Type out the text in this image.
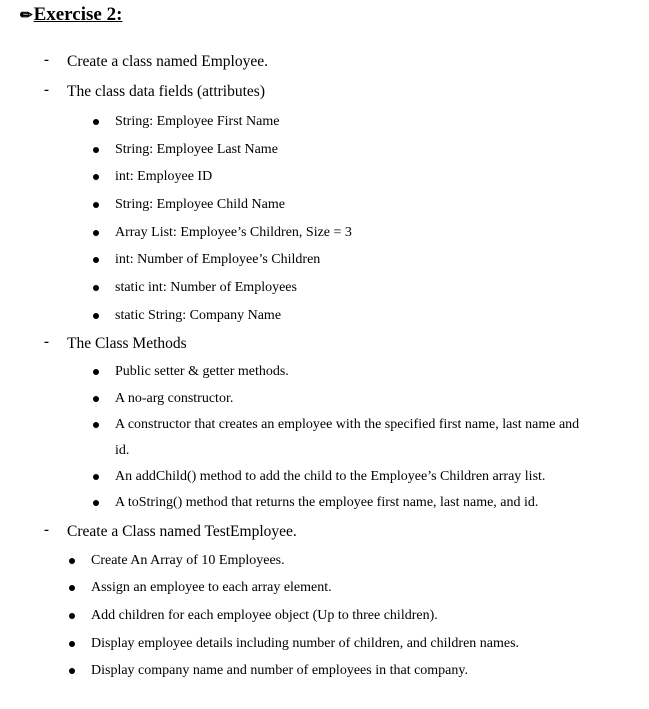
✏Exercise 2:
- Create a class named Employee.
- The class data fields (attributes)
String: Employee First Name
String: Employee Last Name
int: Employee ID
String: Employee Child Name
Array List: Employee’s Children, Size = 3
int: Number of Employee’s Children
static int: Number of Employees
static String: Company Name
- The Class Methods
Public setter & getter methods.
A no-arg constructor.
A constructor that creates an employee with the specified first name, last name and
id.
An addChild() method to add the child to the Employee’s Children array list.
A toString() method that returns the employee first name, last name, and id.
- Create a Class named TestEmployee.
Create An Array of 10 Employees.
Assign an employee to each array element.
Add children for each employee object (Up to three children).
Display employee details including number of children, and children names.
Display company name and number of employees in that company.
